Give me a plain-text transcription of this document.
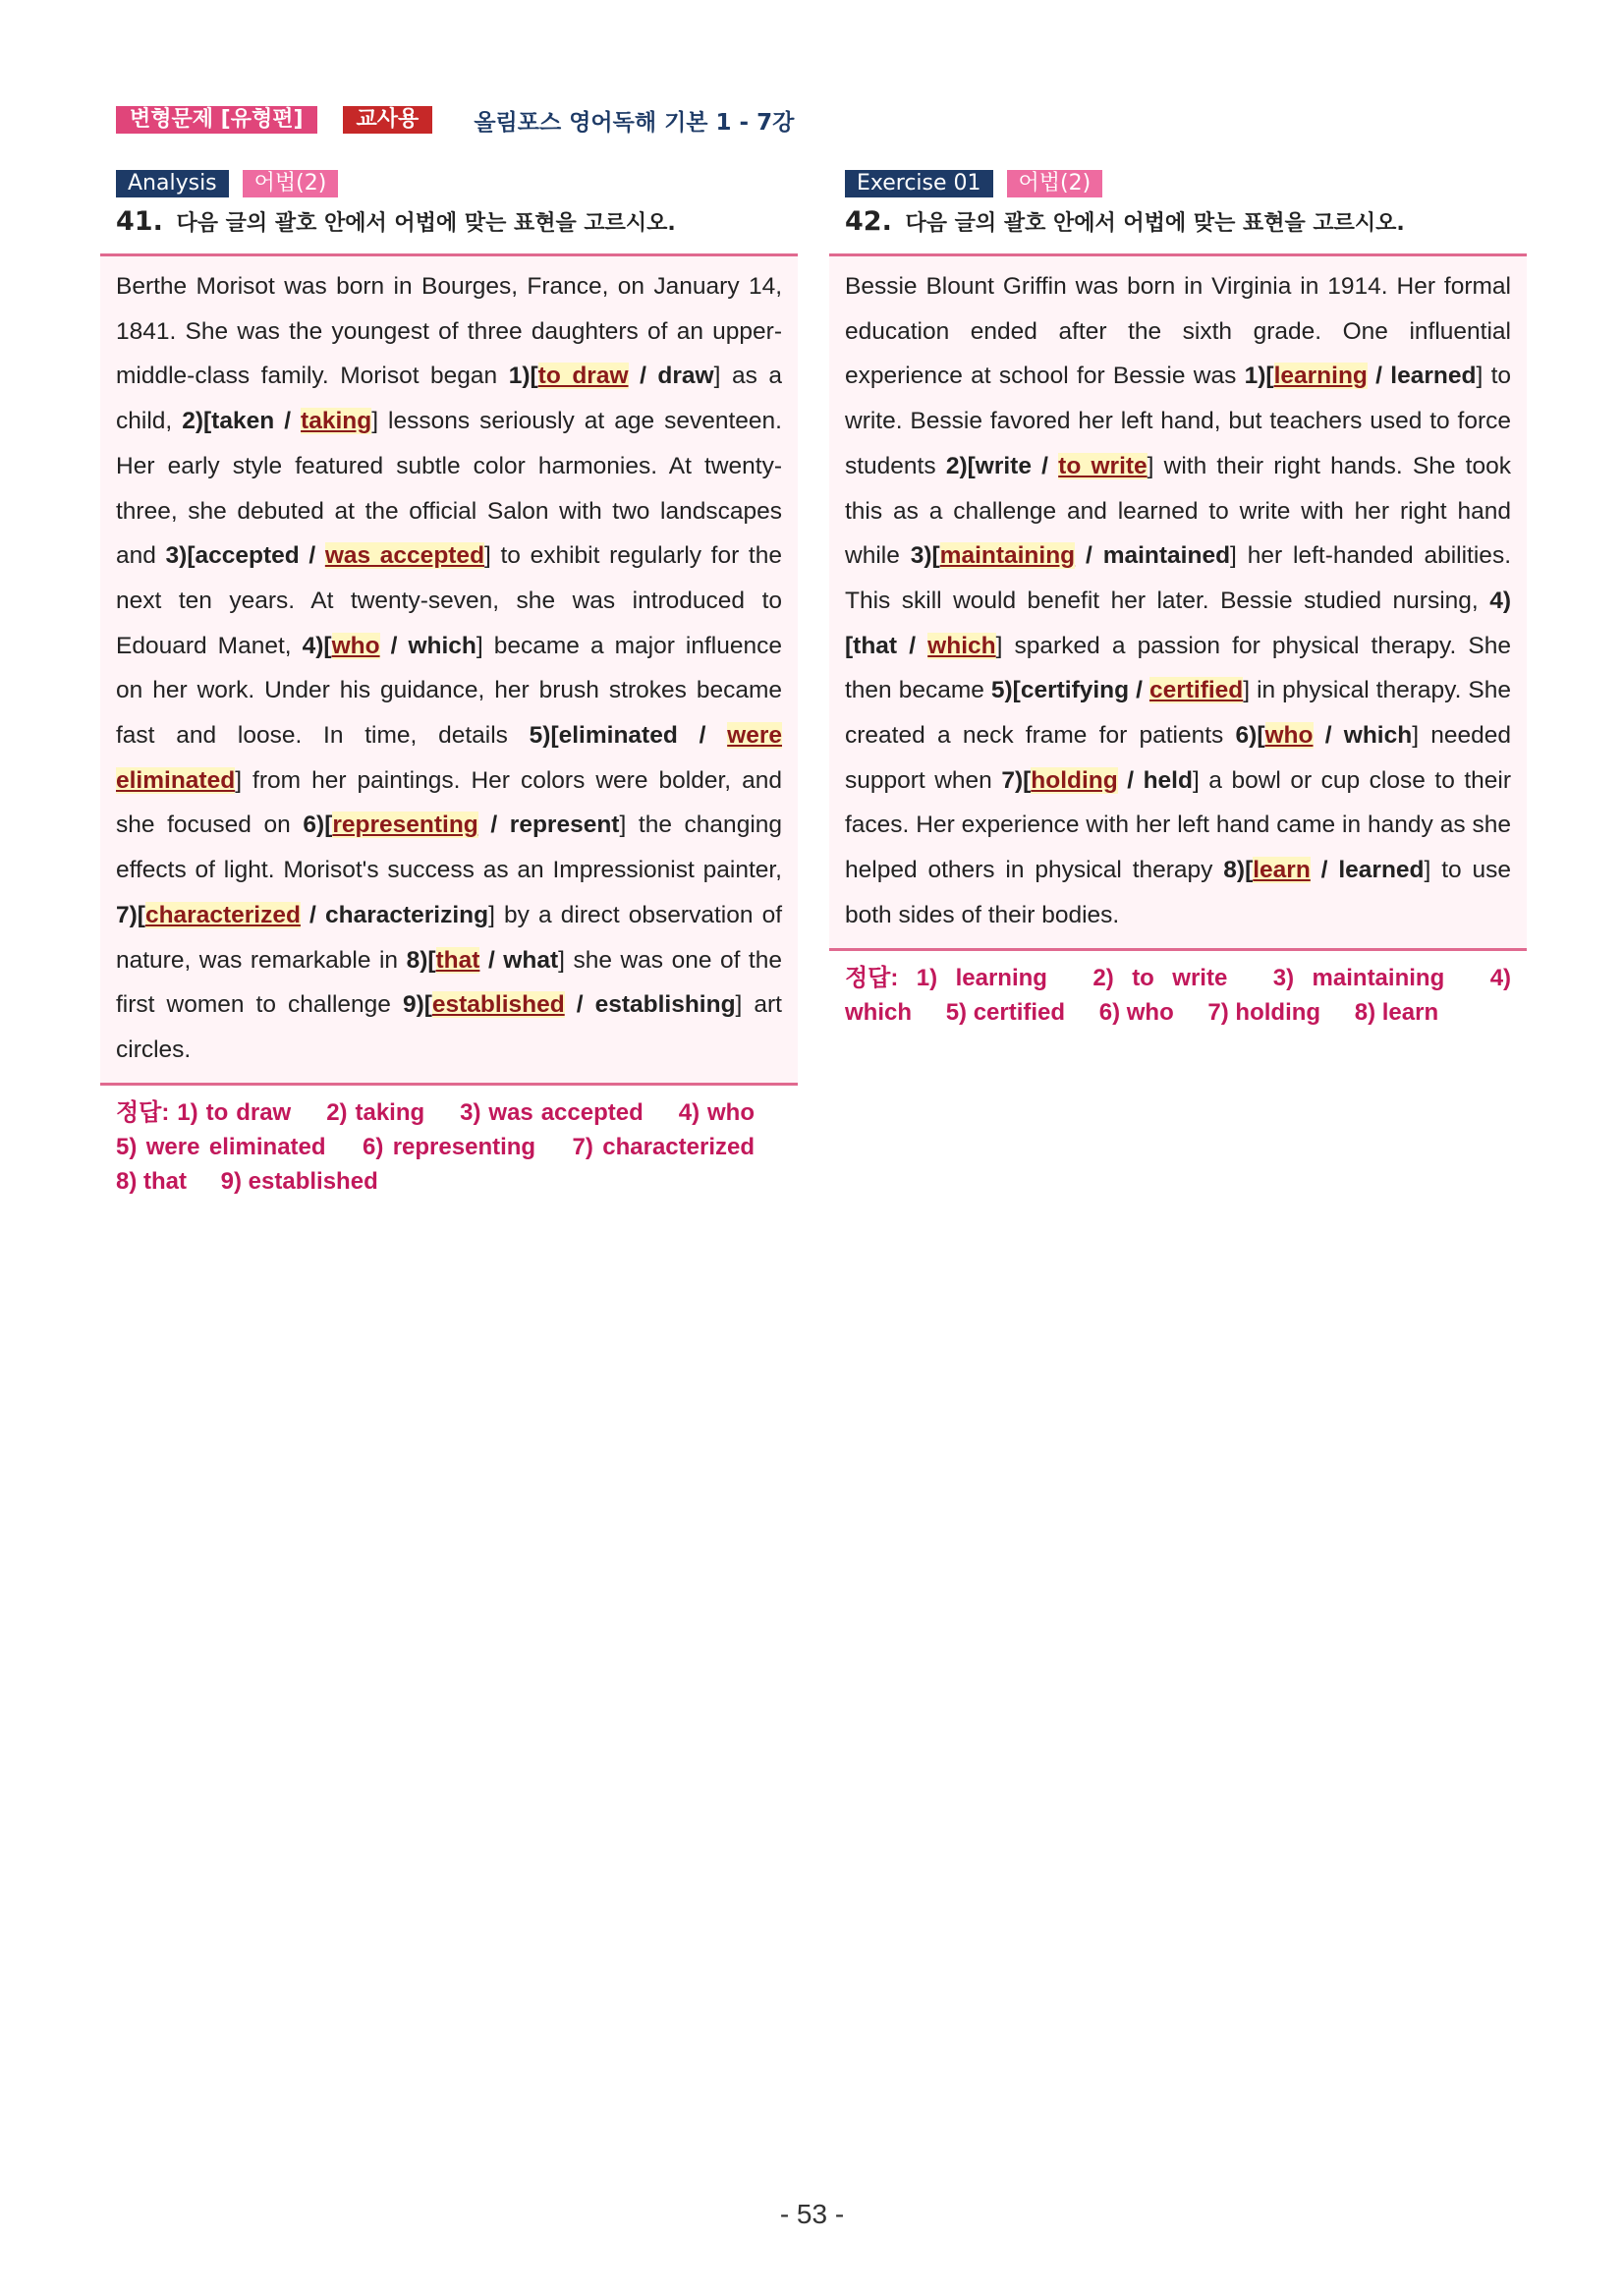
변형문제 [유형편]	교사용	올림포스 영어독해 기본 1 - 7강
Analysis	어법(2)
41. 다음 글의 괄호 안에서 어법에 맞는 표현을 고르시오.

Berthe Morisot was born in Bourges, France, on January 14, 1841. She was the youngest of three daughters of an upper-middle-class family. Morisot began 1)[to draw / draw] as a child, 2)[taken / taking] lessons seriously at age seventeen. Her early style featured subtle color harmonies. At twenty-three, she debuted at the official Salon with two landscapes and 3)[accepted / was accepted] to exhibit regularly for the next ten years. At twenty-seven, she was introduced to Edouard Manet, 4)[who / which] became a major influence on her work. Under his guidance, her brush strokes became fast and loose. In time, details 5)[eliminated / were eliminated] from her paintings. Her colors were bolder, and she focused on 6)[representing / represent] the changing effects of light. Morisot's success as an Impressionist painter, 7)[characterized / characterizing] by a direct observation of nature, was remarkable in 8)[that / what] she was one of the first women to challenge 9)[established / establishing] art circles.

정답: 1) to draw 2) taking 3) was accepted 4) who 5) were eliminated 6) representing 7) characterized 8) that 9) established
Exercise 01	어법(2)
42. 다음 글의 괄호 안에서 어법에 맞는 표현을 고르시오.

Bessie Blount Griffin was born in Virginia in 1914. Her formal education ended after the sixth grade. One influential experience at school for Bessie was 1)[learning / learned] to write. Bessie favored her left hand, but teachers used to force students 2)[write / to write] with their right hands. She took this as a challenge and learned to write with her right hand while 3)[maintaining / maintained] her left-handed abilities. This skill would benefit her later. Bessie studied nursing, 4)[that / which] sparked a passion for physical therapy. She then became 5)[certifying / certified] in physical therapy. She created a neck frame for patients 6)[who / which] needed support when 7)[holding / held] a bowl or cup close to their faces. Her experience with her left hand came in handy as she helped others in physical therapy 8)[learn / learned] to use both sides of their bodies.

정답: 1) learning 2) to write 3) maintaining 4) which 5) certified 6) who 7) holding 8) learn
- 53 -
